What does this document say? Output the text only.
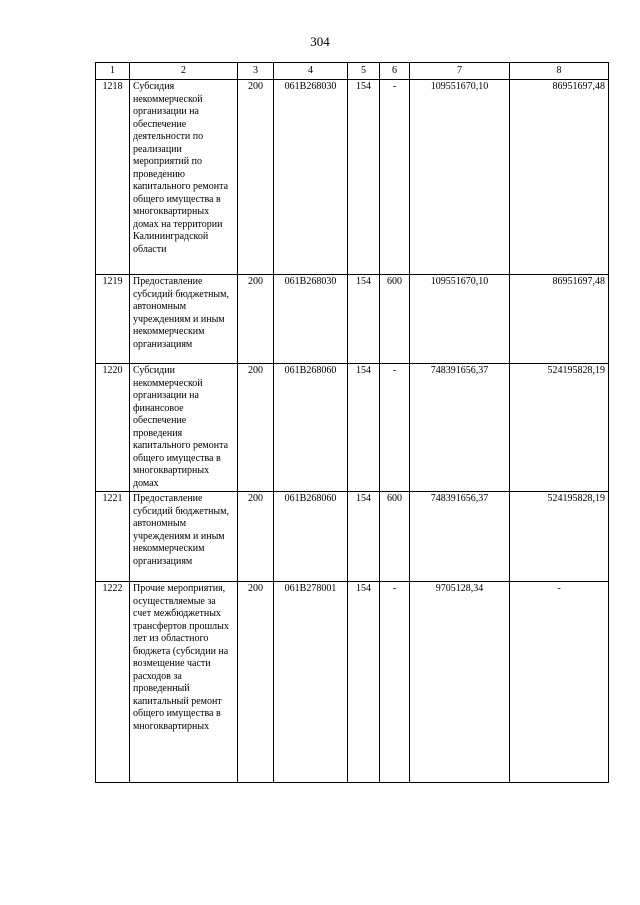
304
1	2	3	4	5	6	7	8
1218	Субсидия некоммерческой организации на обеспечение деятельности по реализации мероприятий по проведению капитального ремонта общего имущества в многоквартирных домах на территории Калининградской области	200	061В268030	154	-	109551670,10	86951697,48
1219	Предоставление субсидий бюджетным, автономным учреждениям и иным некоммерческим организациям	200	061В268030	154	600	109551670,10	86951697,48
1220	Субсидии некоммерческой организации на финансовое обеспечение проведения капитального ремонта общего имущества в многоквартирных домах	200	061В268060	154	-	748391656,37	524195828,19
1221	Предоставление субсидий бюджетным, автономным учреждениям и иным некоммерческим организациям	200	061В268060	154	600	748391656,37	524195828,19
1222	Прочие мероприятия, осуществляемые за счет межбюджетных трансфертов прошлых лет из областного бюджета (субсидии на возмещение части расходов за проведенный капитальный ремонт общего имущества в многоквартирных	200	061В278001	154	-	9705128,34	-
